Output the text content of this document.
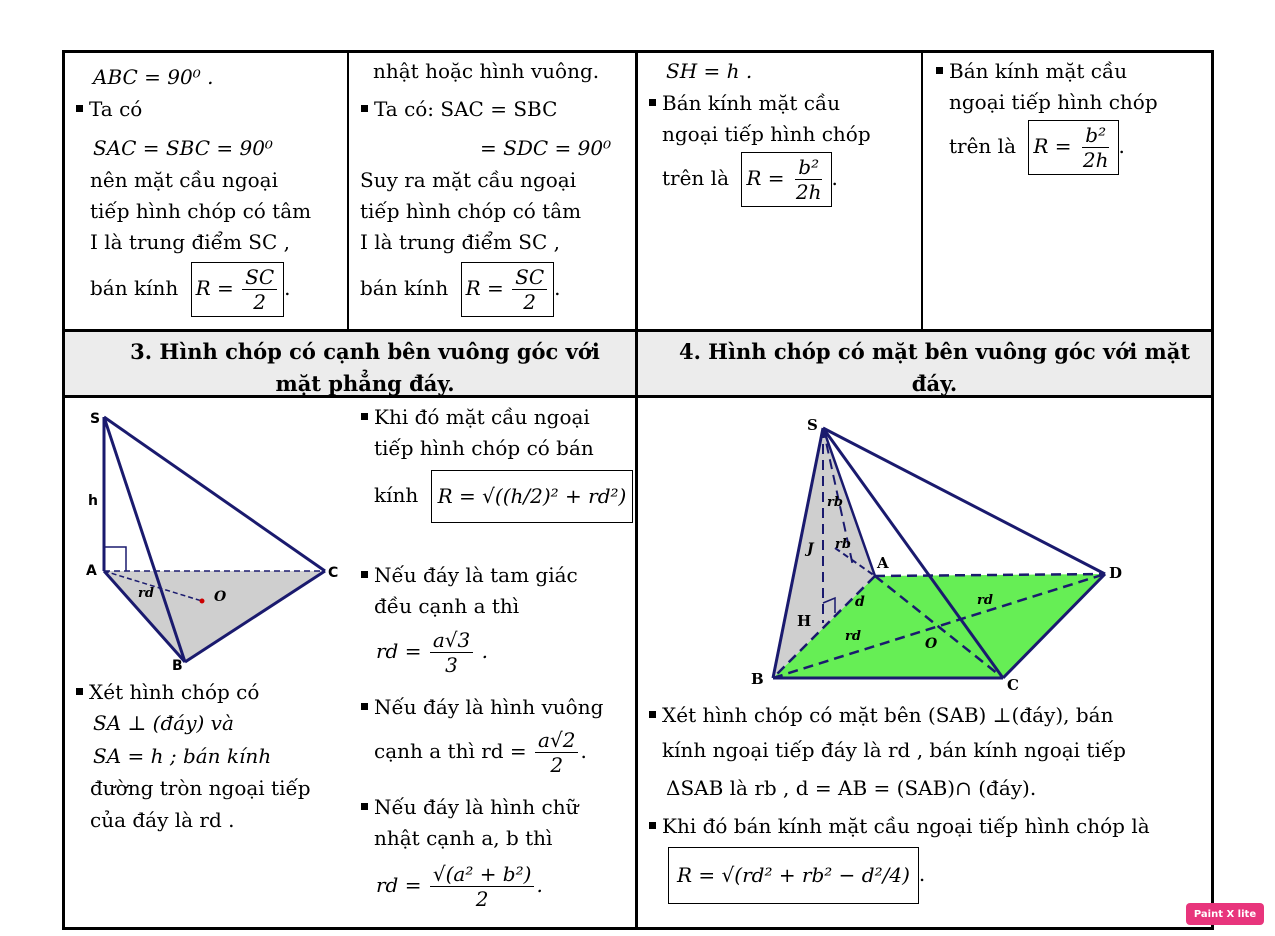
ABC = 90⁰ .
Ta có
SAC = SBC = 90⁰
nên mặt cầu ngoại
tiếp hình chóp có tâm
I là trung điểm SC ,
bán kính $R = \frac{SC}{2}$ .
nhật hoặc hình vuông.
Ta có: SAC = SBC
= SDC = 90⁰
Suy ra mặt cầu ngoại
tiếp hình chóp có tâm
I là trung điểm SC ,
bán kính $R = \frac{SC}{2}$ .
SH = h .
Bán kính mặt cầu
ngoại tiếp hình chóp
trên là $R = \frac{\text{b²}}{2h}$ .
Bán kính mặt cầu
ngoại tiếp hình chóp
trên là $R = \frac{\text{b²}}{2h}$ .
3. Hình chóp có cạnh bên vuông góc với mặt phẳng đáy.
4. Hình chóp có mặt bên vuông góc với mặt đáy.
S
h
A	C
rd	O
B
Xét hình chóp có
SA ⊥ (đáy) và
SA = h ; bán kính
đường tròn ngoại tiếp
của đáy là rd .
Khi đó mặt cầu ngoại
tiếp hình chóp có bán
kính R = √((h/2)² + rd²) .
Nếu đáy là tam giác
đều cạnh a thì
rd = $\frac{a√3}{3}$ .
Nếu đáy là hình vuông
cạnh a thì rd = $\frac{a√2}{2}$ .
Nếu đáy là hình chữ
nhật cạnh a, b thì
rd = $\frac{\text{√(a² + b²)}}{2}$ .
S
rb
J rb
A
D
d	rd
H
rd	O
B	C
Xét hình chóp có mặt bên (SAB) ⊥(đáy), bán
kính ngoại tiếp đáy là rd , bán kính ngoại tiếp
ΔSAB là rb , d = AB = (SAB)∩ (đáy).
Khi đó bán kính mặt cầu ngoại tiếp hình chóp là
R = √(rd² + rb² − d²/4) .
Paint X lite
